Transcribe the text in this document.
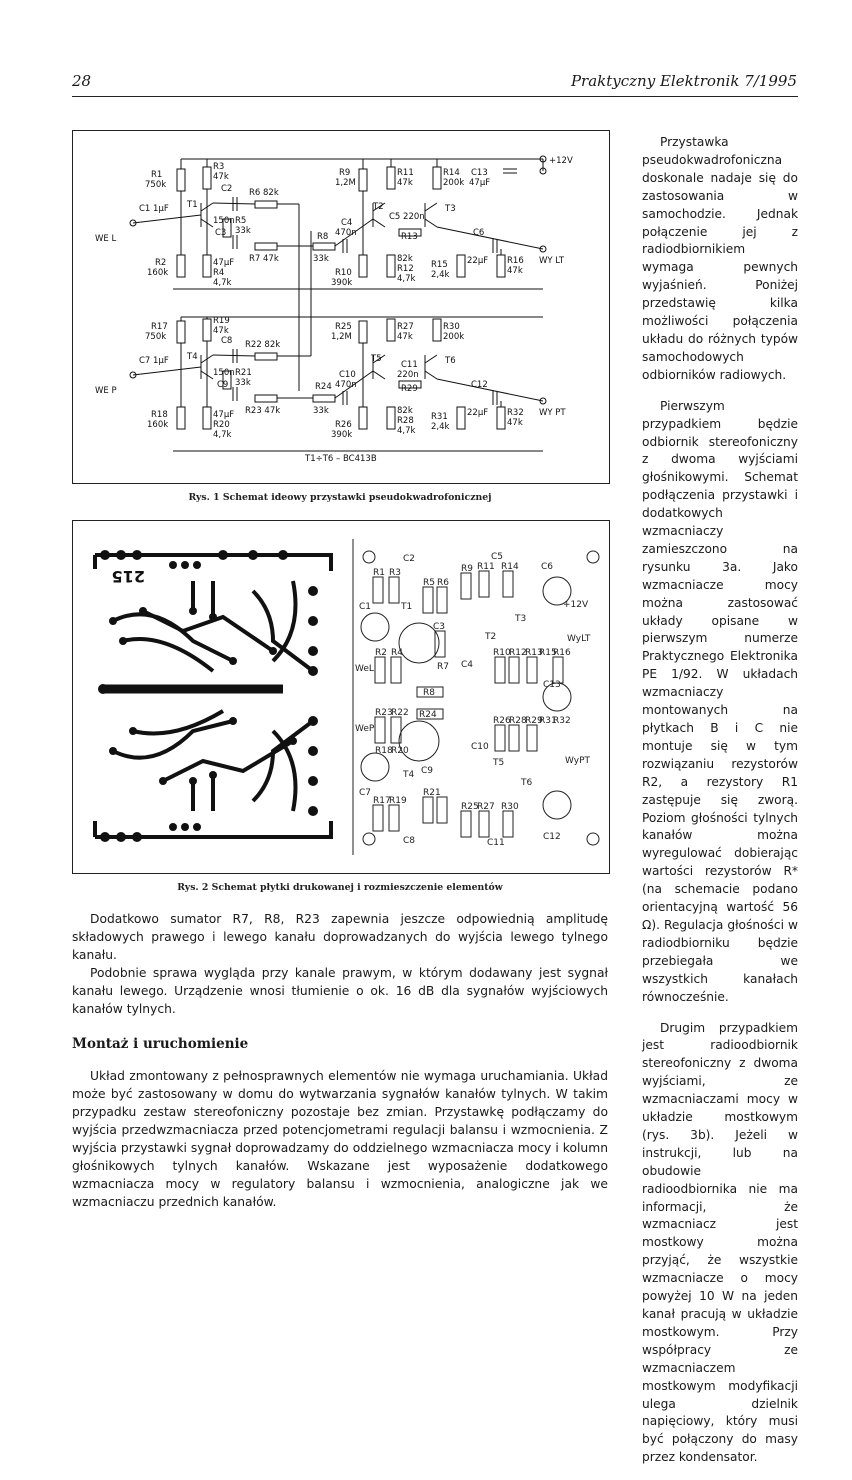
28	Praktyczny Elektronik 7/1995
R1
750k
R3
47k
C2 R6 82k
C1 1µF T1
150n R5
33k
C3
WE L
R2
160k
47µF
R4
4,7k
R7 47k
R9
1,2M
R11
47k
R14
200k
C13
47µF
+12V
T2
C5 220n
T3
C4
470n
R8	R13	C6
33k
R10
390k
82k
R12
4,7k
R15
2,4k
22µF R16
47k
WY LT
R17
750k
R19
47k
C8 R22 82k
C7 1µF T4
150n R21
33k
C9
WE P
R18
160k
47µF
R20
4,7k
R23 47k
R25
1,2M
R27
47k
R30
200k
T5
C11
220n
T6
C10
R24 470n	R29	C12
33k
R26
390k
82k
R28
4,7k
R31
2,4k
22µF R32
47k
WY PT
T1÷T6 – BC413B
Rys. 1 Schemat ideowy przystawki pseudokwadrofonicznej
215
C2	C5
C6
R1 R3
R5 R6
R9 R11 R14
C1	T1
T3
+12V
C3
T2
R7
WyLT
WeL
R2 R4
C4
R10
R12
R13
R15
R16
R8
C13
R24
WeP
R18
R20
R23
C10
R22
R26
R28
R29
R31
R32
WyPT
T5
T6
T4 C9
C7
R17
R19
R21
R25
R27 R30
C8	C11
C12
Rys. 2 Schemat płytki drukowanej i rozmieszczenie elementów

Przystawka pseudokwadrofoniczna doskonale nadaje się do zastosowania w samochodzie. Jednak połączenie jej z radiodbiornikiem wymaga pewnych wyjaśnień. Poniżej przedstawię kilka możliwości połączenia układu do różnych typów samochodowych odbiorników radiowych.

Pierwszym przypadkiem będzie odbiornik stereofoniczny z dwoma wyjściami głośnikowymi. Schemat podłączenia przystawki i dodatkowych wzmacniaczy zamieszczono na rysunku 3a. Jako wzmacniacze mocy można zastosować układy opisane w pierwszym numerze Praktycznego Elektronika PE 1/92. W układach wzmacniaczy montowanych na płytkach B i C nie montuje się w tym rozwiązaniu rezystorów R2, a rezystory R1 zastępuje się zworą. Poziom głośności tylnych kanałów można wyregulować dobierając wartości rezystorów R* (na schemacie podano orientacyjną wartość 56 Ω). Regulacja głośności w radiodbiorniku będzie przebiegała we wszystkich kanałach równocześnie.

Drugim przypadkiem jest radioodbiornik stereofoniczny z dwoma wyjściami, ze wzmacniaczami mocy w układzie mostkowym (rys. 3b). Jeżeli w instrukcji, lub na obudowie radioodbiornika nie ma informacji, że wzmacniacz jest mostkowy można przyjąć, że wszystkie wzmacniacze o mocy powyżej 10 W na jeden kanał pracują w układzie mostkowym. Przy współpracy ze wzmacniaczem mostkowym modyfikacji ulega dzielnik napięciowy, który musi być połączony do masy przez kondensator.

Dodatkowo sumator R7, R8, R23 zapewnia jeszcze odpowiednią amplitudę składowych prawego i lewego kanału doprowadzanych do wyjścia lewego tylnego kanału.

Podobnie sprawa wygląda przy kanale prawym, w którym dodawany jest sygnał kanału lewego. Urządzenie wnosi tłumienie o ok. 16 dB dla sygnałów wyjściowych kanałów tylnych.

Montaż i uruchomienie

Układ zmontowany z pełnosprawnych elementów nie wymaga uruchamiania. Układ może być zastosowany w domu do wytwarzania sygnałów kanałów tylnych. W takim przypadku zestaw stereofoniczny pozostaje bez zmian. Przystawkę podłączamy do wyjścia przedwzmacniacza przed potencjometrami regulacji balansu i wzmocnienia. Z wyjścia przystawki sygnał doprowadzamy do oddzielnego wzmacniacza mocy i kolumn głośnikowych tylnych kanałów. Wskazane jest wyposażenie dodatkowego wzmacniacza mocy w regulatory balansu i wzmocnienia, analogiczne jak we wzmacniaczu przednich kanałów.
